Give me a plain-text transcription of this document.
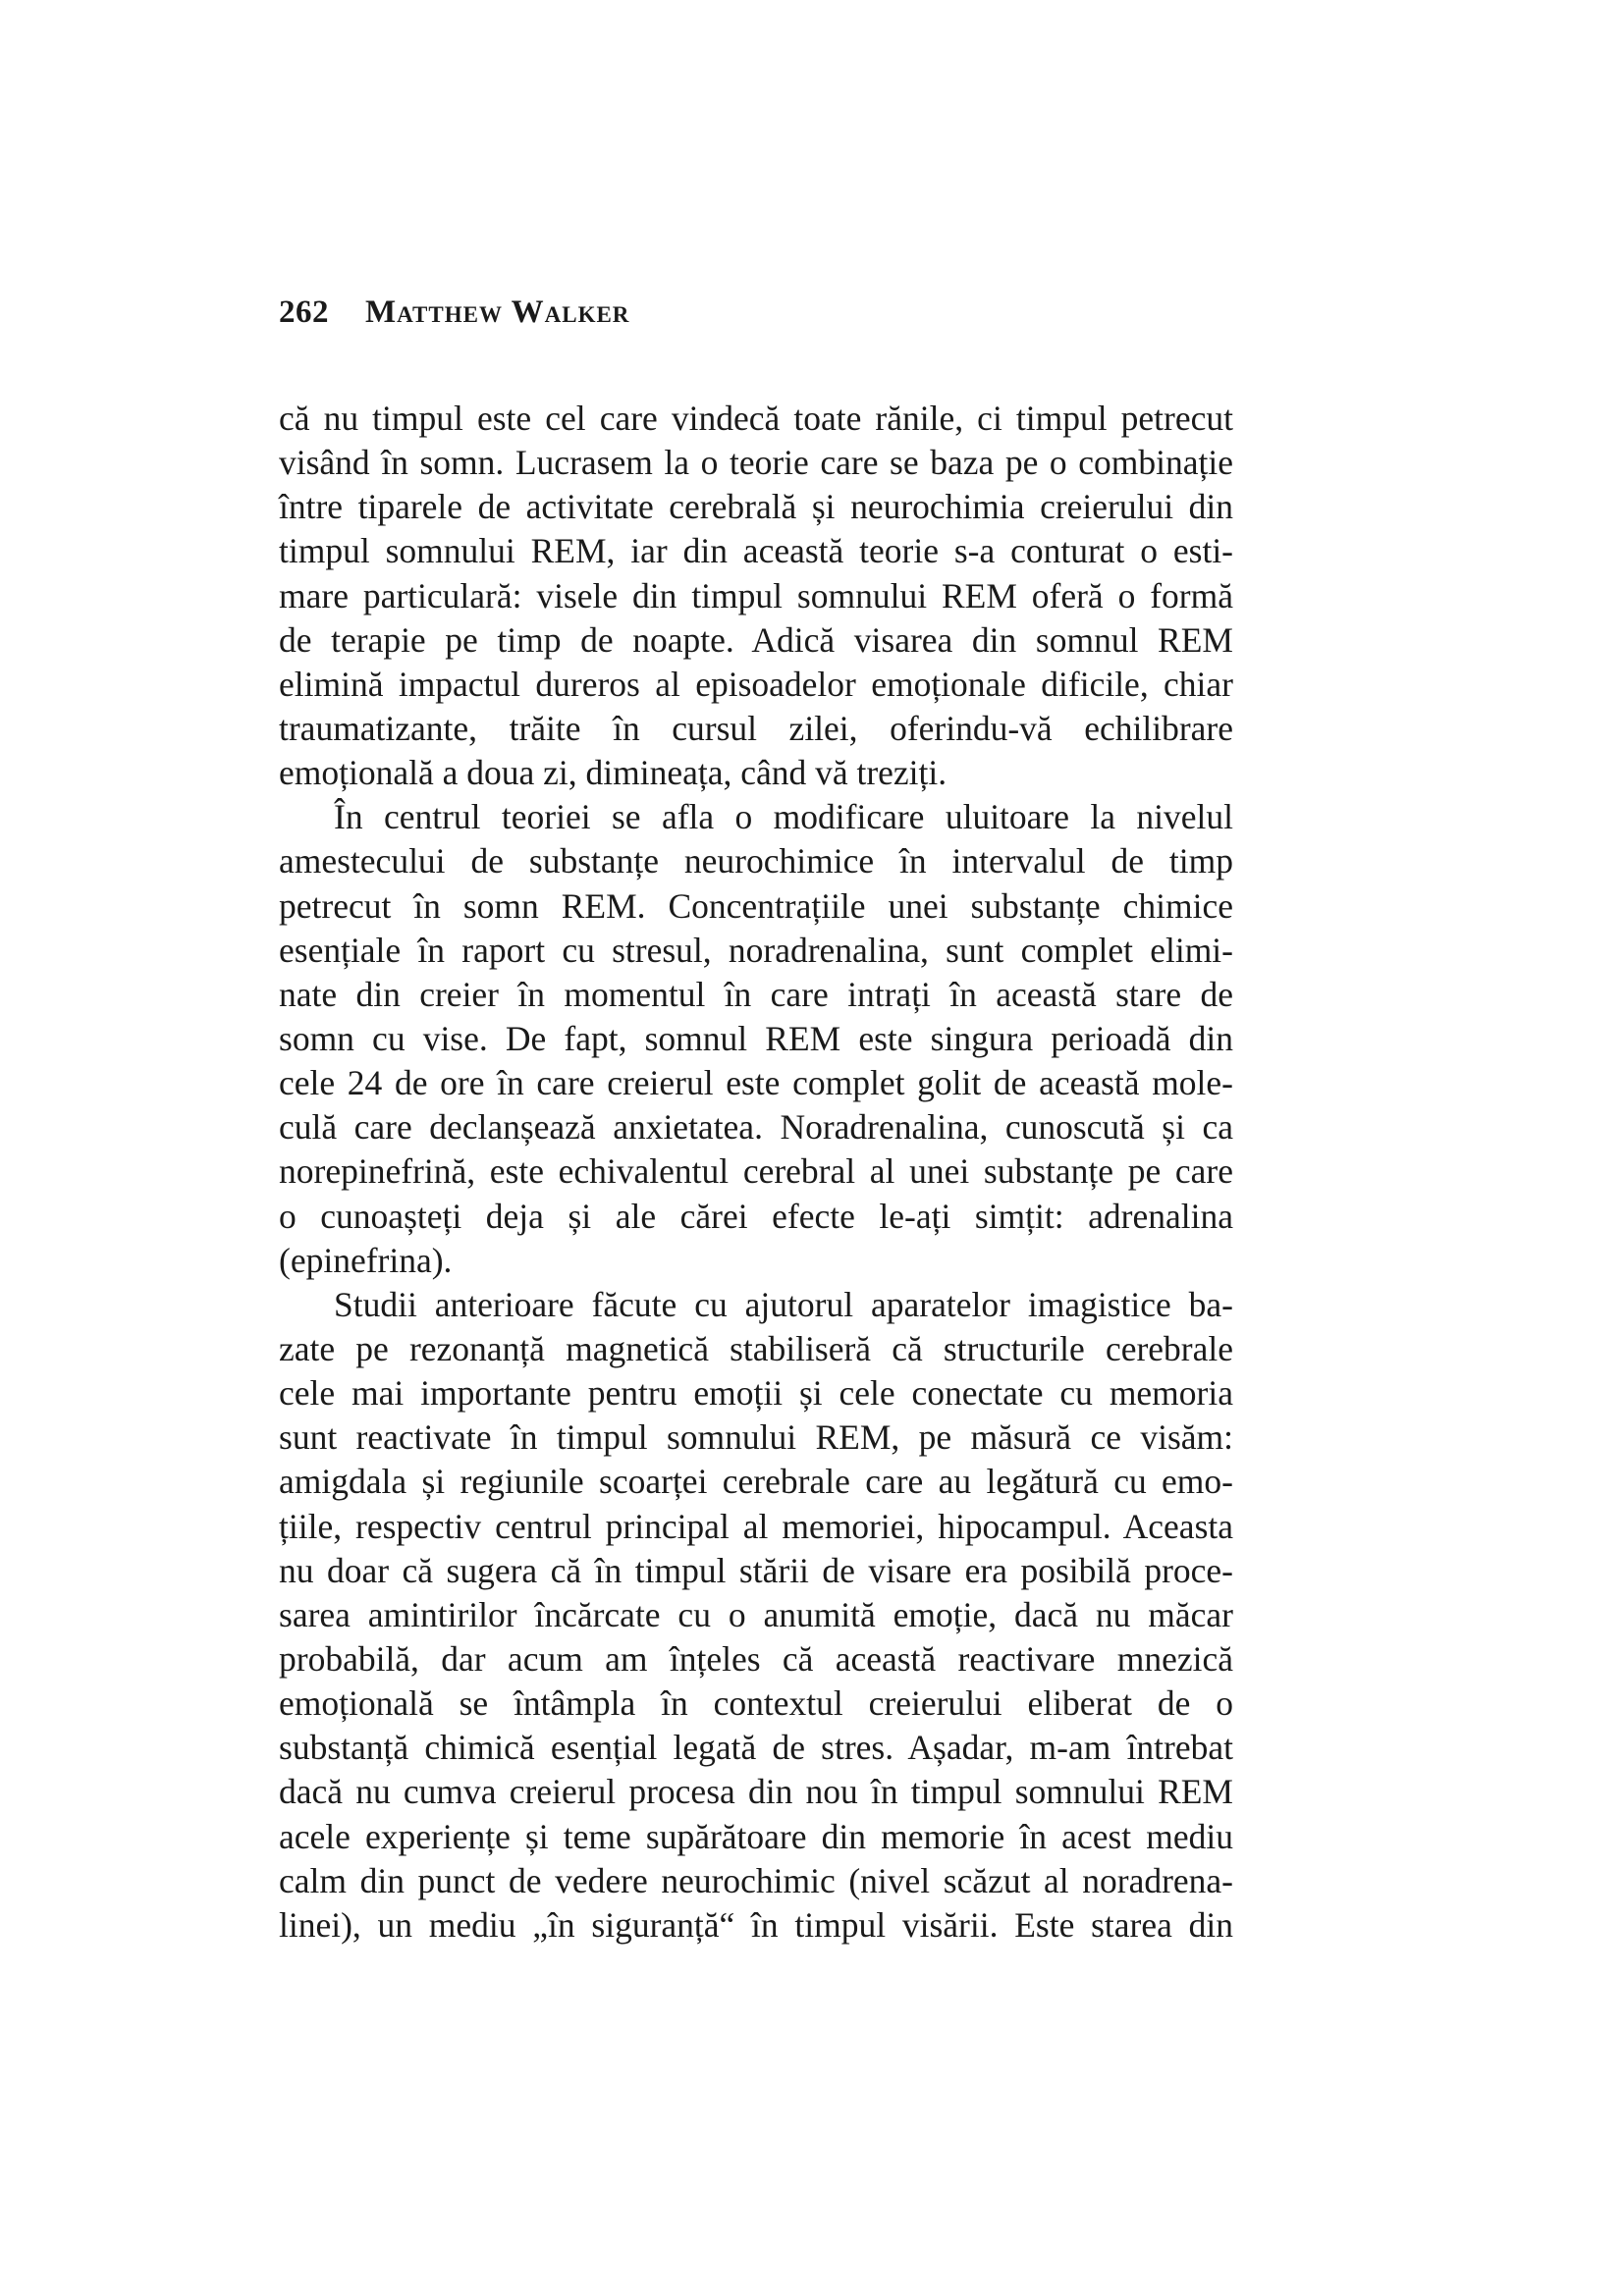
262	Matthew Walker
că nu timpul este cel care vindecă toate rănile, ci timpul petrecut
visând în somn. Lucrasem la o teorie care se baza pe o combinație
între tiparele de activitate cerebrală și neurochimia creierului din
timpul somnului REM, iar din această teorie s-a conturat o esti-
mare particulară: visele din timpul somnului REM oferă o formă
de terapie pe timp de noapte. Adică visarea din somnul REM
elimină impactul dureros al episoadelor emoționale dificile, chiar
traumatizante, trăite în cursul zilei, oferindu-vă echilibrare
emoțională a doua zi, dimineața, când vă treziți.
În centrul teoriei se afla o modificare uluitoare la nivelul
amestecului de substanțe neurochimice în intervalul de timp
petrecut în somn REM. Concentrațiile unei substanțe chimice
esențiale în raport cu stresul, noradrenalina, sunt complet elimi-
nate din creier în momentul în care intrați în această stare de
somn cu vise. De fapt, somnul REM este singura perioadă din
cele 24 de ore în care creierul este complet golit de această mole-
culă care declanșează anxietatea. Noradrenalina, cunoscută și ca
norepinefrină, este echivalentul cerebral al unei substanțe pe care
o cunoașteți deja și ale cărei efecte le-ați simțit: adrenalina
(epinefrina).
Studii anterioare făcute cu ajutorul aparatelor imagistice ba-
zate pe rezonanță magnetică stabiliseră că structurile cerebrale
cele mai importante pentru emoții și cele conectate cu memoria
sunt reactivate în timpul somnului REM, pe măsură ce visăm:
amigdala și regiunile scoarței cerebrale care au legătură cu emo-
țiile, respectiv centrul principal al memoriei, hipocampul. Aceasta
nu doar că sugera că în timpul stării de visare era posibilă proce-
sarea amintirilor încărcate cu o anumită emoție, dacă nu măcar
probabilă, dar acum am înțeles că această reactivare mnezică
emoțională se întâmpla în contextul creierului eliberat de o
substanță chimică esențial legată de stres. Așadar, m-am întrebat
dacă nu cumva creierul procesa din nou în timpul somnului REM
acele experiențe și teme supărătoare din memorie în acest mediu
calm din punct de vedere neurochimic (nivel scăzut al noradrena-
linei), un mediu „în siguranță“ în timpul visării. Este starea din
